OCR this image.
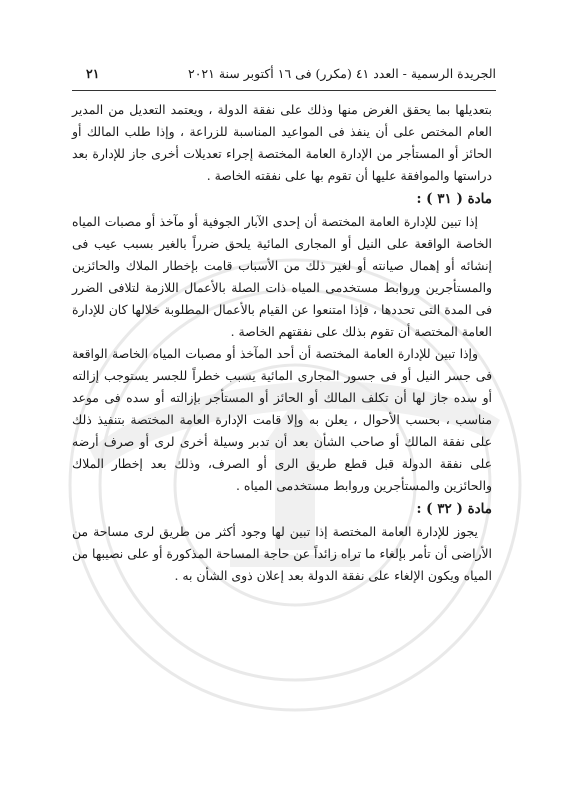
الجريدة الرسمية - العدد ٤١ (مكرر) فى ١٦ أكتوبر سنة ٢٠٢١
٢١

بتعديلها بما يحقق الغرض منها وذلك على نفقة الدولة ، ويعتمد التعديل من المدير العام المختص على أن ينفذ فى المواعيد المناسبة للزراعة ، وإذا طلب المالك أو الحائز أو المستأجر من الإدارة العامة المختصة إجراء تعديلات أخرى جاز للإدارة بعد دراستها والموافقة عليها أن تقوم بها على نفقته الخاصة .

مادة ( ٣١ ) :

إذا تبين للإدارة العامة المختصة أن إحدى الآبار الجوفية أو مآخذ أو مصبات المياه الخاصة الواقعة على النيل أو المجارى المائية يلحق ضرراً بالغير بسبب عيب فى إنشائه أو إهمال صيانته أو لغير ذلك من الأسباب قامت بإخطار الملاك والحائزين والمستأجرين وروابط مستخدمى المياه ذات الصلة بالأعمال اللازمة لتلافى الضرر فى المدة التى تحددها ، فإذا امتنعوا عن القيام بالأعمال المطلوبة خلالها كان للإدارة العامة المختصة أن تقوم بذلك على نفقتهم الخاصة .

وإذا تبين للإدارة العامة المختصة أن أحد المآخذ أو مصبات المياه الخاصة الواقعة فى جسر النيل أو فى جسور المجارى المائية يسبب خطراً للجسر يستوجب إزالته أو سده جاز لها أن تكلف المالك أو الحائز أو المستأجر بإزالته أو سده فى موعد مناسب ، بحسب الأحوال ، يعلن به وإلا قامت الإدارة العامة المختصة بتنفيذ ذلك على نفقة المالك أو صاحب الشأن بعد أن تدبر وسيلة أخرى لرى أو صرف أرضه على نفقة الدولة قبل قطع طريق الرى أو الصرف، وذلك بعد إخطار الملاك والحائزين والمستأجرين وروابط مستخدمى المياه .

مادة ( ٣٢ ) :

يجوز للإدارة العامة المختصة إذا تبين لها وجود أكثر من طريق لرى مساحة من الأراضى أن تأمر بإلغاء ما تراه زائداً عن حاجة المساحة المذكورة أو على نصيبها من المياه ويكون الإلغاء على نفقة الدولة بعد إعلان ذوى الشأن به .
